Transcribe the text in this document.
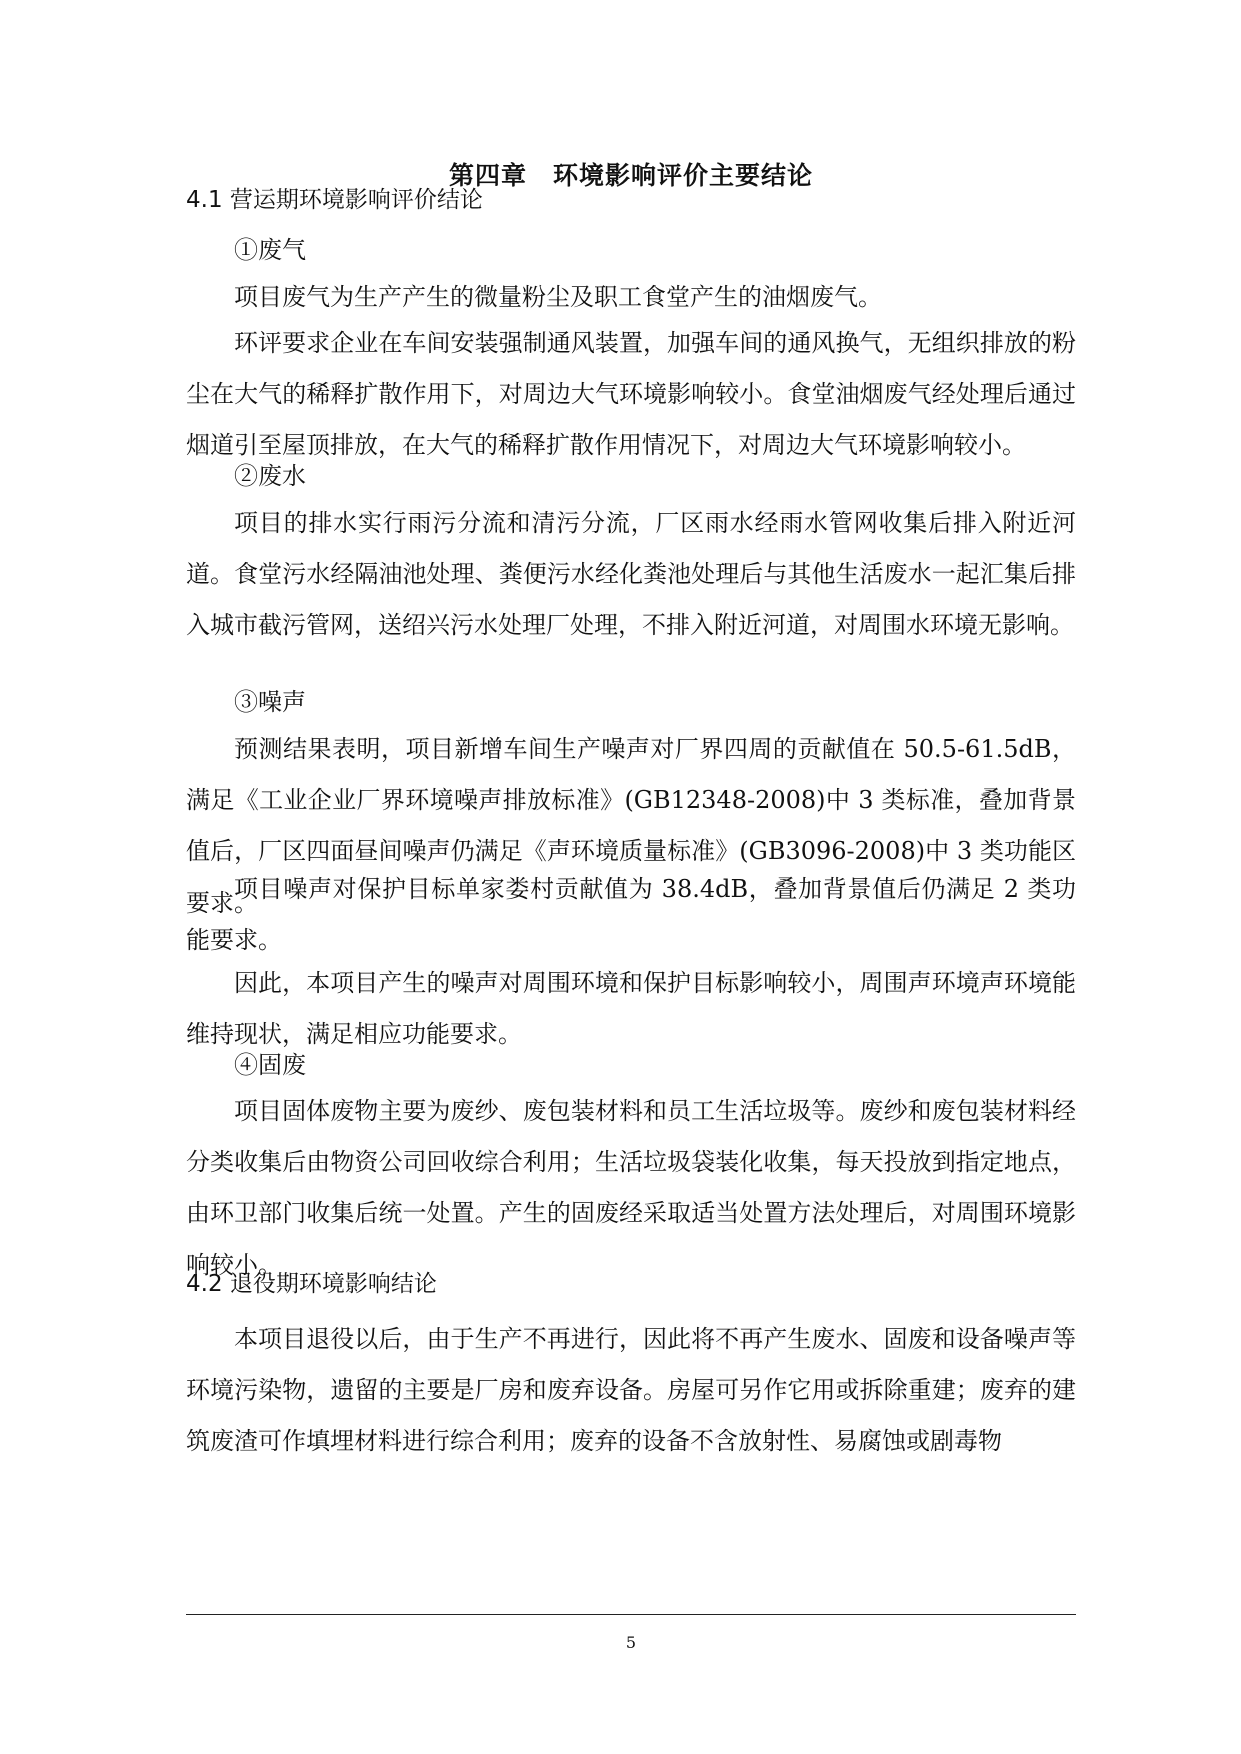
第四章　环境影响评价主要结论
4.1 营运期环境影响评价结论
①废气
项目废气为生产产生的微量粉尘及职工食堂产生的油烟废气。
环评要求企业在车间安装强制通风装置，加强车间的通风换气，无组织排放的粉尘在大气的稀释扩散作用下，对周边大气环境影响较小。食堂油烟废气经处理后通过烟道引至屋顶排放，在大气的稀释扩散作用情况下，对周边大气环境影响较小。
②废水
项目的排水实行雨污分流和清污分流，厂区雨水经雨水管网收集后排入附近河道。食堂污水经隔油池处理、粪便污水经化粪池处理后与其他生活废水一起汇集后排入城市截污管网，送绍兴污水处理厂处理，不排入附近河道，对周围水环境无影响。
③噪声
预测结果表明，项目新增车间生产噪声对厂界四周的贡献值在 50.5-61.5dB，满足《工业企业厂界环境噪声排放标准》(GB12348-2008)中 3 类标准，叠加背景值后，厂区四面昼间噪声仍满足《声环境质量标准》(GB3096-2008)中 3 类功能区要求。
项目噪声对保护目标单家娄村贡献值为 38.4dB，叠加背景值后仍满足 2 类功能要求。
因此，本项目产生的噪声对周围环境和保护目标影响较小，周围声环境声环境能维持现状，满足相应功能要求。
④固废
项目固体废物主要为废纱、废包装材料和员工生活垃圾等。废纱和废包装材料经分类收集后由物资公司回收综合利用；生活垃圾袋装化收集，每天投放到指定地点，由环卫部门收集后统一处置。产生的固废经采取适当处置方法处理后，对周围环境影响较小。
4.2 退役期环境影响结论
本项目退役以后，由于生产不再进行，因此将不再产生废水、固废和设备噪声等环境污染物，遗留的主要是厂房和废弃设备。房屋可另作它用或拆除重建；废弃的建筑废渣可作填埋材料进行综合利用；废弃的设备不含放射性、易腐蚀或剧毒物
5
